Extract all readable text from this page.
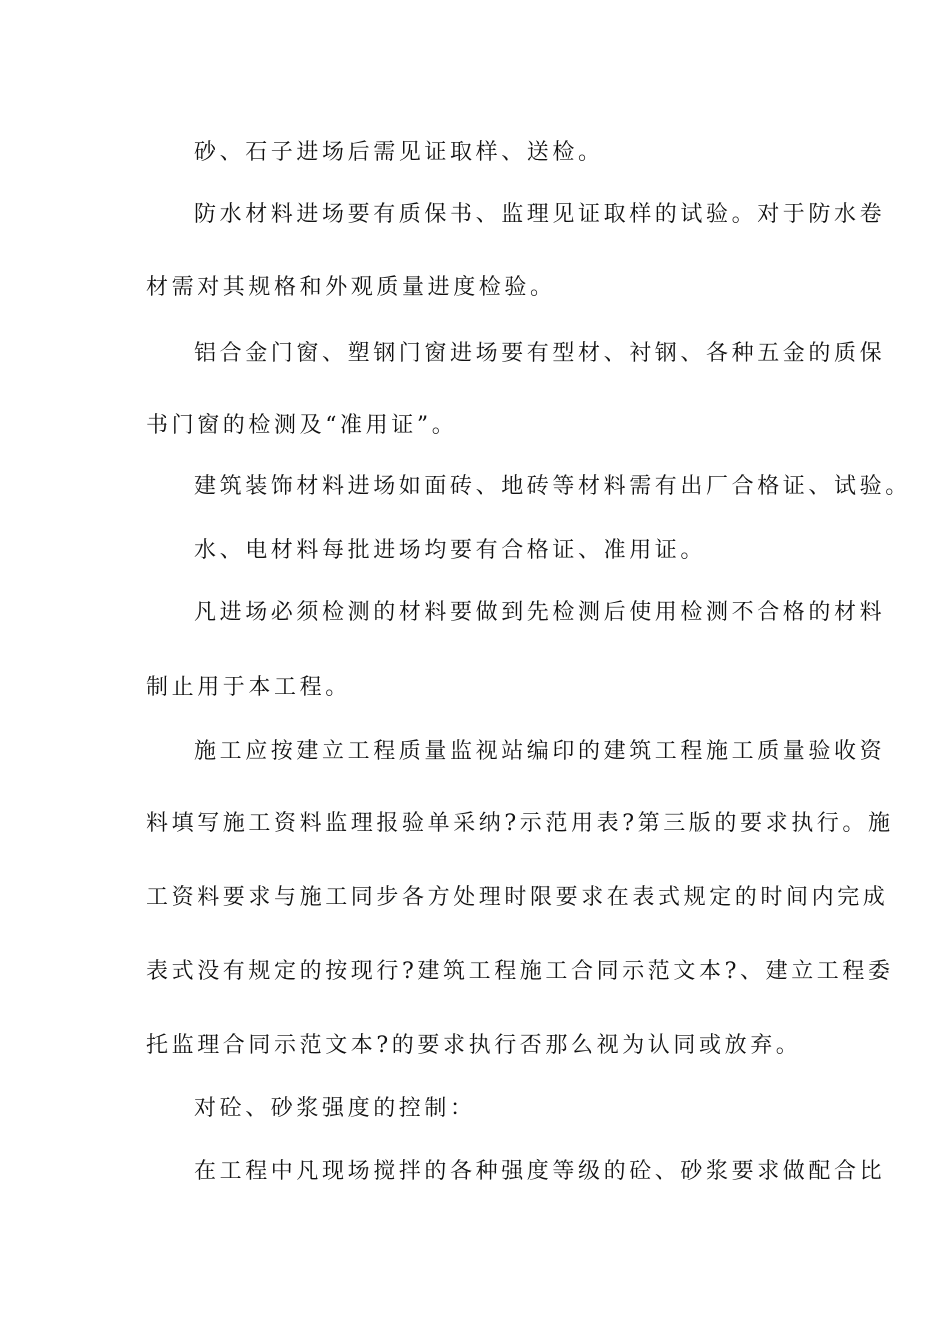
砂、石子进场后需见证取样、送检。
防水材料进场要有质保书、监理见证取样的试验。对于防水卷
材需对其规格和外观质量进度检验。
铝合金门窗、塑钢门窗进场要有型材、衬钢、各种五金的质保
书门窗的检测及“准用证”。
建筑装饰材料进场如面砖、地砖等材料需有出厂合格证、试验。
水、电材料每批进场均要有合格证、准用证。
凡进场必须检测的材料要做到先检测后使用检测不合格的材料
制止用于本工程。
施工应按建立工程质量监视站编印的建筑工程施工质量验收资
料填写施工资料监理报验单采纳?示范用表?第三版的要求执行。施
工资料要求与施工同步各方处理时限要求在表式规定的时间内完成
表式没有规定的按现行?建筑工程施工合同示范文本?、建立工程委
托监理合同示范文本?的要求执行否那么视为认同或放弃。
对砼、砂浆强度的控制：
在工程中凡现场搅拌的各种强度等级的砼、砂浆要求做配合比
